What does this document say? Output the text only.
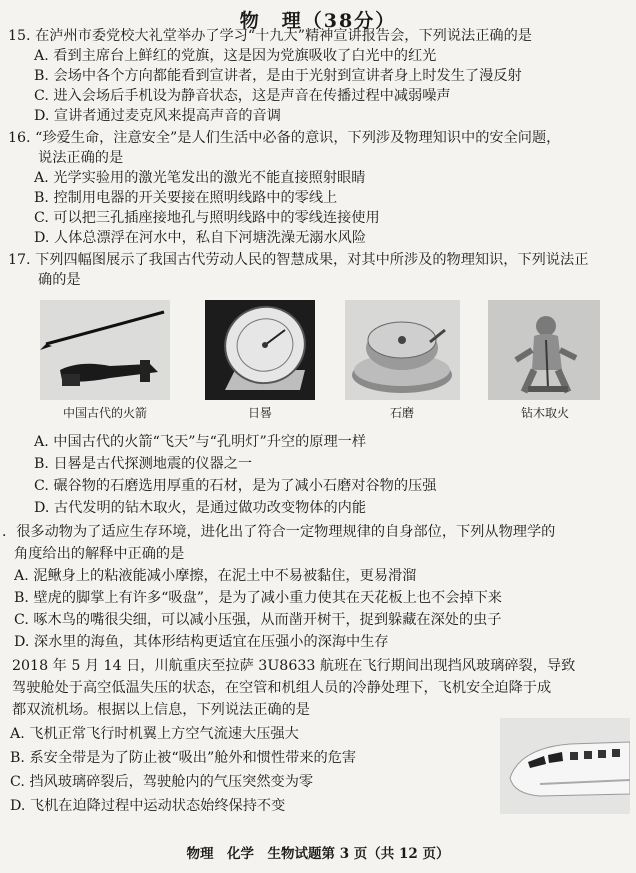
物　理（38分）
15. 在泸州市委党校大礼堂举办了学习“十九大”精神宣讲报告会，下列说法正确的是
A. 看到主席台上鲜红的党旗，这是因为党旗吸收了白光中的红光
B. 会场中各个方向都能看到宣讲者，是由于光射到宣讲者身上时发生了漫反射
C. 进入会场后手机设为静音状态，这是声音在传播过程中减弱噪声
D. 宣讲者通过麦克风来提高声音的音调
16. “珍爱生命，注意安全”是人们生活中必备的意识，下列涉及物理知识中的安全问题，
说法正确的是
A. 光学实验用的激光笔发出的激光不能直接照射眼睛
B. 控制用电器的开关要接在照明线路中的零线上
C. 可以把三孔插座接地孔与照明线路中的零线连接使用
D. 人体总漂浮在河水中，私自下河塘洗澡无溺水风险
17. 下列四幅图展示了我国古代劳动人民的智慧成果，对其中所涉及的物理知识，下列说法正
确的是
中国古代的火箭	日晷	石磨	钻木取火
A. 中国古代的火箭“飞天”与“孔明灯”升空的原理一样
B. 日晷是古代探测地震的仪器之一
C. 碾谷物的石磨选用厚重的石材，是为了减小石磨对谷物的压强
D. 古代发明的钻木取火，是通过做功改变物体的内能
．很多动物为了适应生存环境，进化出了符合一定物理规律的自身部位，下列从物理学的
角度给出的解释中正确的是
A. 泥鳅身上的粘液能减小摩擦，在泥土中不易被黏住，更易滑溜
B. 壁虎的脚掌上有许多“吸盘”，是为了减小重力使其在天花板上也不会掉下来
C. 啄木鸟的嘴很尖细，可以减小压强，从而凿开树干，捉到躲藏在深处的虫子
D. 深水里的海鱼，其体形结构更适宜在压强小的深海中生存
2018 年 5 月 14 日，川航重庆至拉萨 3U8633 航班在飞行期间出现挡风玻璃碎裂，导致
驾驶舱处于高空低温失压的状态，在空管和机组人员的冷静处理下，飞机安全迫降于成
都双流机场。根据以上信息，下列说法正确的是
A. 飞机正常飞行时机翼上方空气流速大压强大
B. 系安全带是为了防止被“吸出”舱外和惯性带来的危害
C. 挡风玻璃碎裂后，驾驶舱内的气压突然变为零
D. 飞机在迫降过程中运动状态始终保持不变
物理　化学　生物试题第 3 页（共 12 页）
